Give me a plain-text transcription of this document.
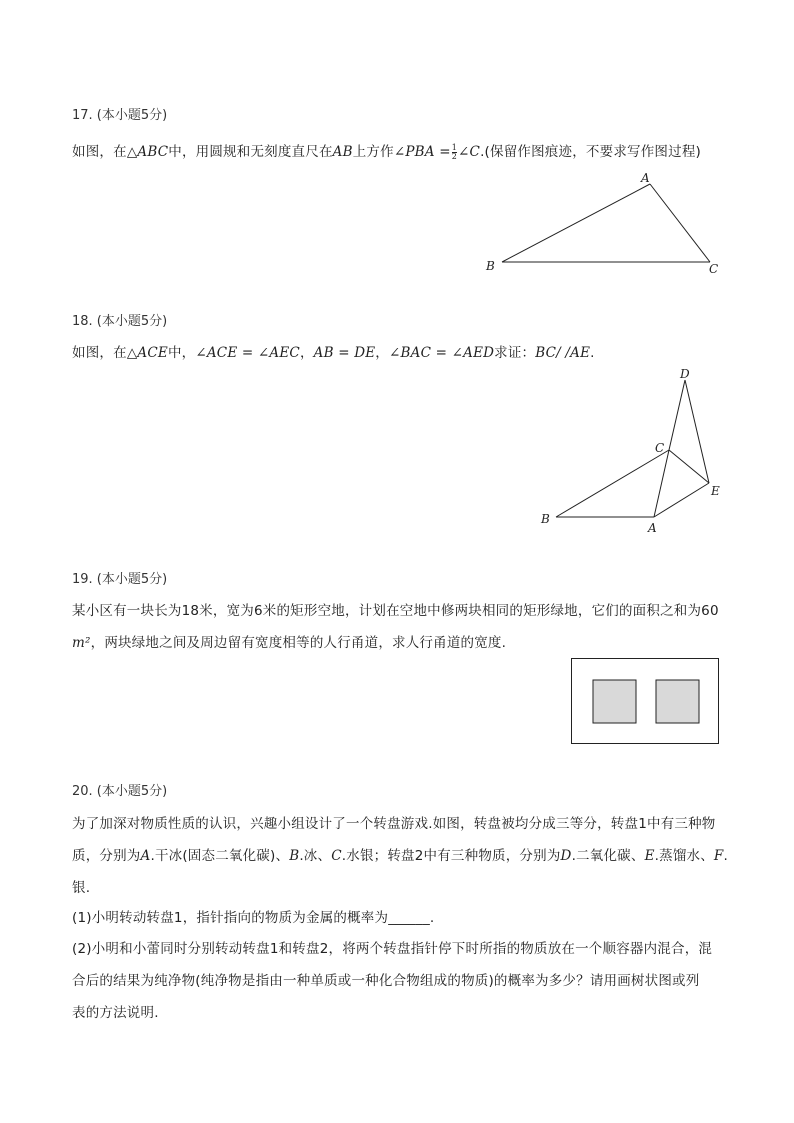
17. (本小题5分)
如图，在△ABC中，用圆规和无刻度直尺在AB上方作∠PBA = $\frac{1}{2}$ ∠C.(保留作图痕迹，不要求写作图过程)
A
B	C
18. (本小题5分)
如图，在△ACE中，∠ACE = ∠AEC，AB = DE，∠BAC = ∠AED求证：BC/ /AE.
D
C
E
B
A
19. (本小题5分)
某小区有一块长为18米，宽为6米的矩形空地，计划在空地中修两块相同的矩形绿地，它们的面积之和为60
m²，两块绿地之间及周边留有宽度相等的人行甬道，求人行甬道的宽度.
20. (本小题5分)
为了加深对物质性质的认识，兴趣小组设计了一个转盘游戏.如图，转盘被均分成三等分，转盘1中有三种物
质，分别为A.干冰(固态二氧化碳)、B.冰、C.水银；转盘2中有三种物质，分别为D.二氧化碳、E.蒸馏水、F.
银.
(1)小明转动转盘1，指针指向的物质为金属的概率为______.
(2)小明和小蕾同时分别转动转盘1和转盘2，将两个转盘指针停下时所指的物质放在一个顺容器内混合，混
合后的结果为纯净物(纯净物是指由一种单质或一种化合物组成的物质)的概率为多少？请用画树状图或列
表的方法说明.
